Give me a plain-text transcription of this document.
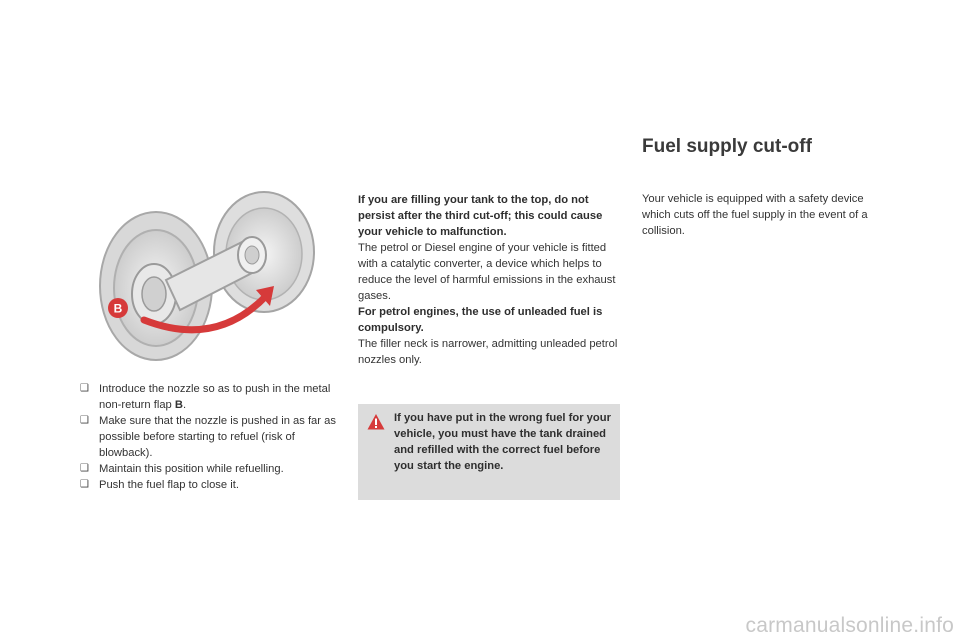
B
❑ Introduce the nozzle so as to push in the metal non-return flap B.
❑ Make sure that the nozzle is pushed in as far as possible before starting to refuel (risk of blowback).
❑ Maintain this position while refuelling.
❑ Push the fuel flap to close it.

If you are filling your tank to the top, do not persist after the third cut-off; this could cause your vehicle to malfunction.

The petrol or Diesel engine of your vehicle is fitted with a catalytic converter, a device which helps to reduce the level of harmful emissions in the exhaust gases.

For petrol engines, the use of unleaded fuel is compulsory.

The filler neck is narrower, admitting unleaded petrol nozzles only.

If you have put in the wrong fuel for your vehicle, you must have the tank drained and refilled with the correct fuel before you start the engine.
Fuel supply cut-off

Your vehicle is equipped with a safety device which cuts off the fuel supply in the event of a collision.

carmanualsonline.info
